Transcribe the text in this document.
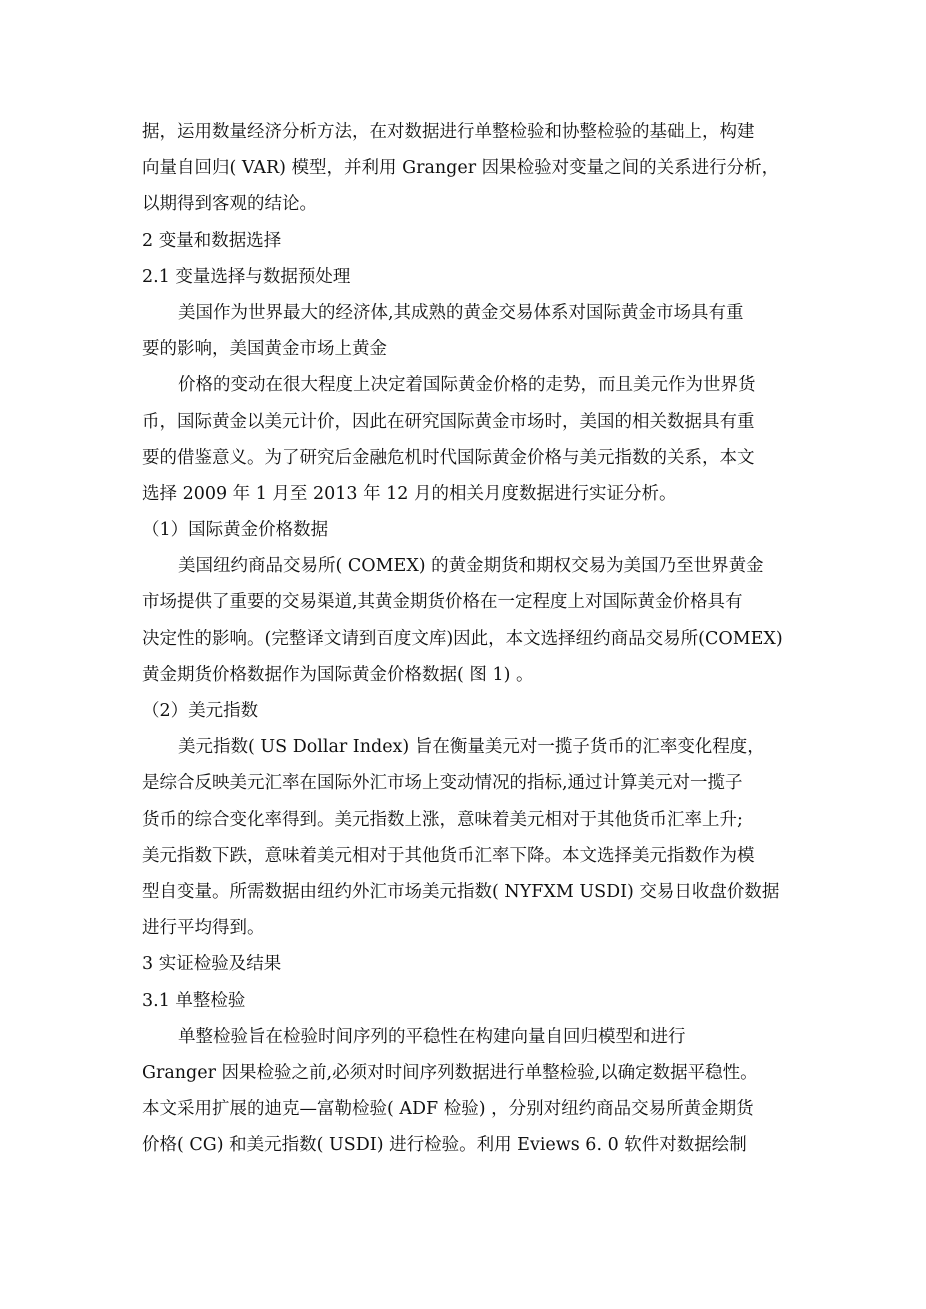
据，运用数量经济分析方法，在对数据进行单整检验和协整检验的基础上，构建
向量自回归( VAR) 模型，并利用 Granger 因果检验对变量之间的关系进行分析，
以期得到客观的结论。
2 变量和数据选择
2.1 变量选择与数据预处理
美国作为世界最大的经济体,其成熟的黄金交易体系对国际黄金市场具有重
要的影响，美国黄金市场上黄金
价格的变动在很大程度上决定着国际黄金价格的走势，而且美元作为世界货
币，国际黄金以美元计价，因此在研究国际黄金市场时，美国的相关数据具有重
要的借鉴意义。为了研究后金融危机时代国际黄金价格与美元指数的关系，本文
选择 2009 年 1 月至 2013 年 12 月的相关月度数据进行实证分析。
（1）国际黄金价格数据
美国纽约商品交易所( COMEX) 的黄金期货和期权交易为美国乃至世界黄金
市场提供了重要的交易渠道,其黄金期货价格在一定程度上对国际黄金价格具有
决定性的影响。(完整译文请到百度文库)因此，本文选择纽约商品交易所(COMEX)
黄金期货价格数据作为国际黄金价格数据( 图 1) 。
（2）美元指数
美元指数( US Dollar Index) 旨在衡量美元对一揽子货币的汇率变化程度，
是综合反映美元汇率在国际外汇市场上变动情况的指标,通过计算美元对一揽子
货币的综合变化率得到。美元指数上涨，意味着美元相对于其他货币汇率上升;
美元指数下跌，意味着美元相对于其他货币汇率下降。本文选择美元指数作为模
型自变量。所需数据由纽约外汇市场美元指数( NYFXM USDI) 交易日收盘价数据
进行平均得到。
3 实证检验及结果
3.1 单整检验
单整检验旨在检验时间序列的平稳性在构建向量自回归模型和进行
Granger 因果检验之前,必须对时间序列数据进行单整检验,以确定数据平稳性。
本文采用扩展的迪克—富勒检验( ADF 检验) ，分别对纽约商品交易所黄金期货
价格( CG) 和美元指数( USDI) 进行检验。利用 Eviews 6. 0 软件对数据绘制
